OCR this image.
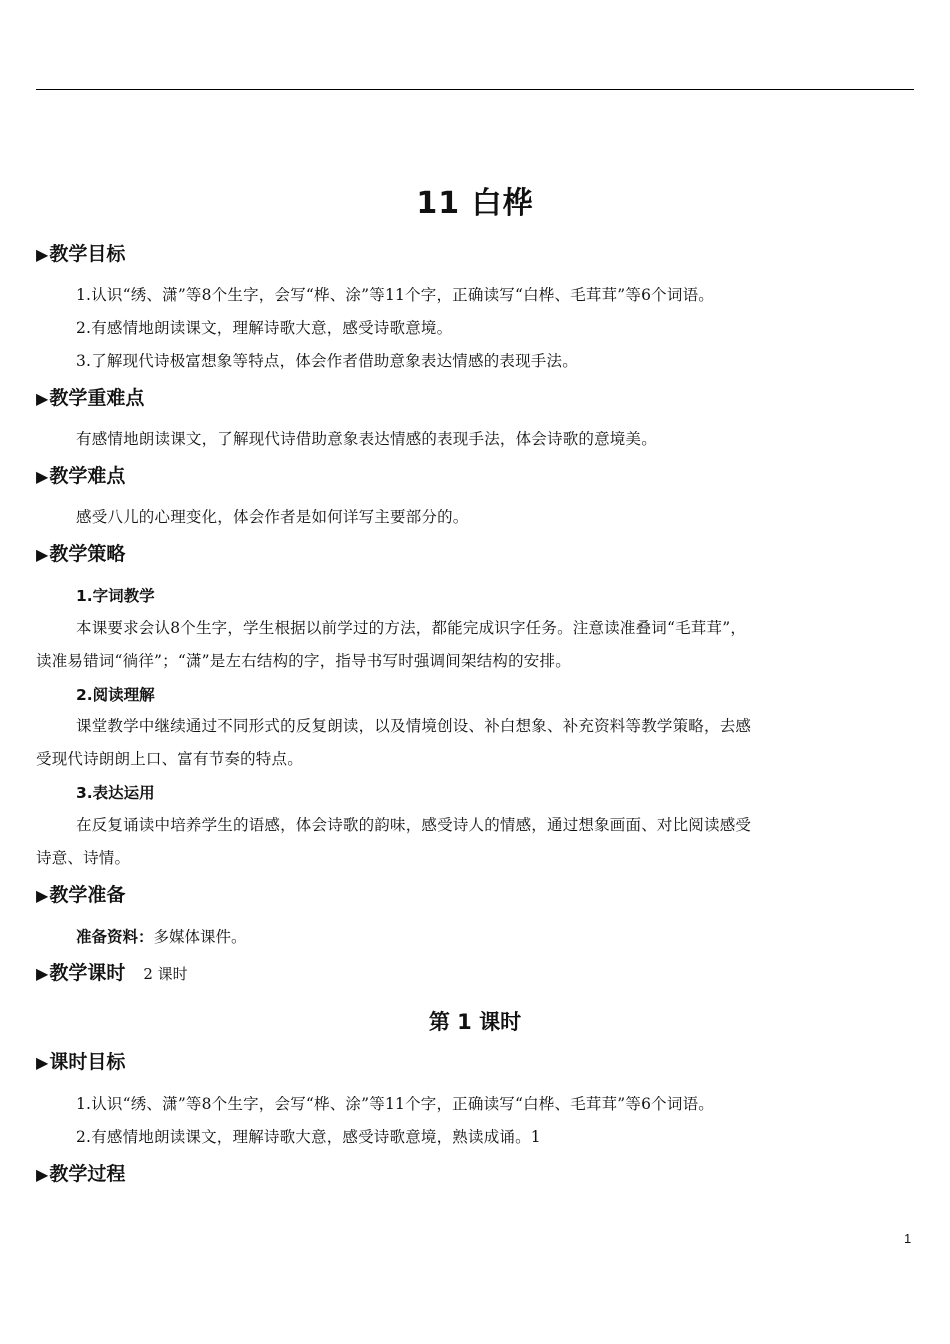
11 白桦
▶教学目标
1.认识“绣、潇”等8个生字，会写“桦、涂”等11个字，正确读写“白桦、毛茸茸”等6个词语。
2.有感情地朗读课文，理解诗歌大意，感受诗歌意境。
3.了解现代诗极富想象等特点，体会作者借助意象表达情感的表现手法。
▶教学重难点
有感情地朗读课文，了解现代诗借助意象表达情感的表现手法，体会诗歌的意境美。
▶教学难点
感受八儿的心理变化，体会作者是如何详写主要部分的。
▶教学策略
1.字词教学
本课要求会认8个生字，学生根据以前学过的方法，都能完成识字任务。注意读准叠词“毛茸茸”，
读准易错词“徜徉”；“潇”是左右结构的字，指导书写时强调间架结构的安排。
2.阅读理解
课堂教学中继续通过不同形式的反复朗读，以及情境创设、补白想象、补充资料等教学策略，去感
受现代诗朗朗上口、富有节奏的特点。
3.表达运用
在反复诵读中培养学生的语感，体会诗歌的韵味，感受诗人的情感，通过想象画面、对比阅读感受
诗意、诗情。
▶教学准备
准备资料：多媒体课件。
▶教学课时 2 课时
第 1 课时
▶课时目标
1.认识“绣、潇”等8个生字，会写“桦、涂”等11个字，正确读写“白桦、毛茸茸”等6个词语。
2.有感情地朗读课文，理解诗歌大意，感受诗歌意境，熟读成诵。1
▶教学过程
1
